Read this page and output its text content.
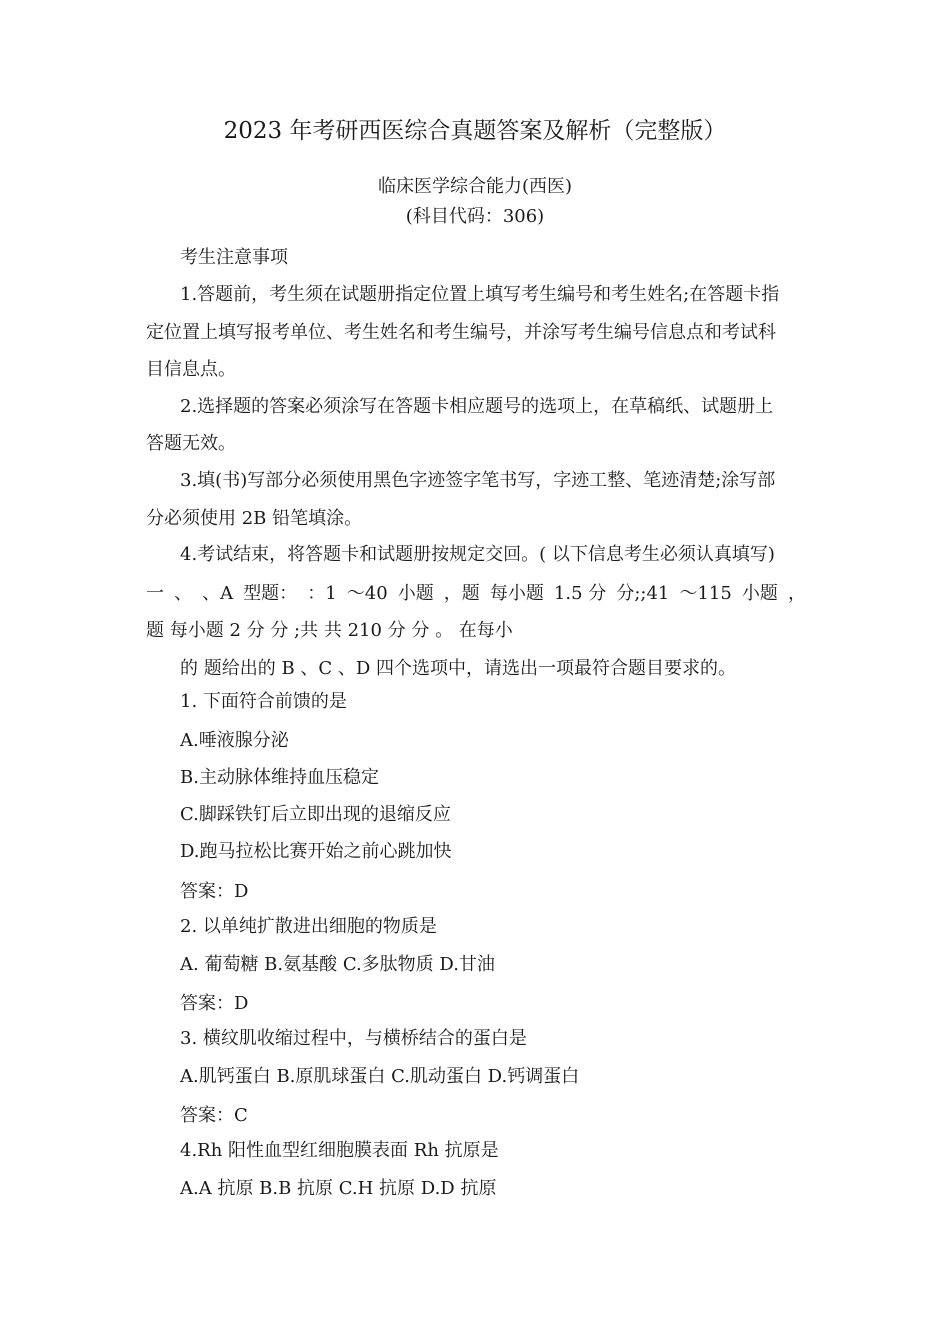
2023 年考研西医综合真题答案及解析（完整版）
临床医学综合能力(西医)
(科目代码：306)
考生注意事项
1.答题前，考生须在试题册指定位置上填写考生编号和考生姓名;在答题卡指
定位置上填写报考单位、考生姓名和考生编号，并涂写考生编号信息点和考试科
目信息点。
2.选择题的答案必须涂写在答题卡相应题号的选项上，在草稿纸、试题册上
答题无效。
3.填(书)写部分必须使用黑色字迹签字笔书写，字迹工整、笔迹清楚;涂写部
分必须使用 2B 铅笔填涂。
4.考试结束，将答题卡和试题册按规定交回。( 以下信息考生必须认真填写)
一 、 、A 型题： ：1 ～40 小题 ，题 每小题 1.5 分 分;;41 ～115 小题 ，
题 每小题 2 分 分 ;共 共 210 分 分 。 在每小
的 题给出的 B 、C 、D 四个选项中，请选出一项最符合题目要求的。
1. 下面符合前馈的是
A.唾液腺分泌
B.主动脉体维持血压稳定
C.脚踩铁钉后立即出现的退缩反应
D.跑马拉松比赛开始之前心跳加快
答案：D
2. 以单纯扩散进出细胞的物质是
A. 葡萄糖 B.氨基酸 C.多肽物质 D.甘油
答案：D
3. 横纹肌收缩过程中，与横桥结合的蛋白是
A.肌钙蛋白 B.原肌球蛋白 C.肌动蛋白 D.钙调蛋白
答案：C
4.Rh 阳性血型红细胞膜表面 Rh 抗原是
A.A 抗原 B.B 抗原 C.H 抗原 D.D 抗原
